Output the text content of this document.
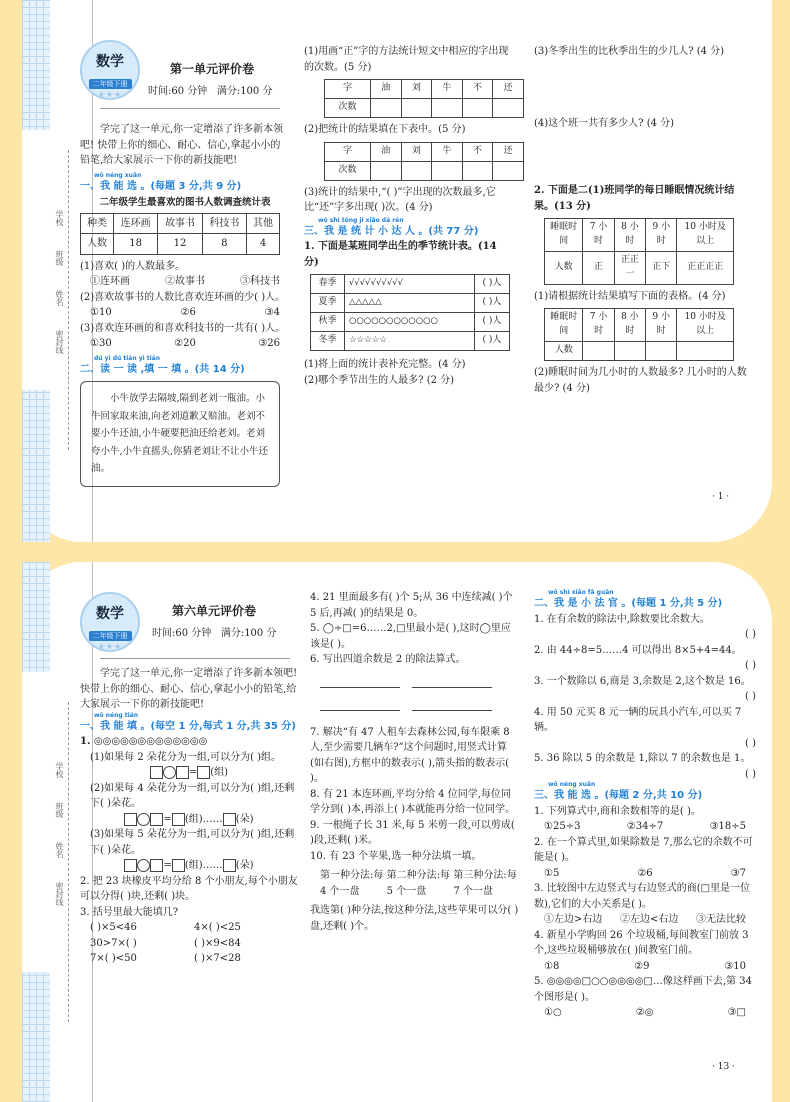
学校
班级
姓名
密封线
数学
二年级下册
★★★
第一单元评价卷
时间:60 分钟 满分:100 分
学完了这一单元,你一定增添了许多新本领吧! 快带上你的细心、耐心、信心,拿起小小的铅笔,给大家展示一下你的新技能吧!
wǒ néng xuǎn
一、我 能 选 。(每题 3 分,共 9 分)
二年级学生最喜欢的图书人数调查统计表
种类	连环画	故事书	科技书	其他
人数	18	12	8	4
(1)喜欢( )的人数最多。
①连环画	②故事书	③科技书
(2)喜欢故事书的人数比喜欢连环画的少( )人。
①10	②6	③4
(3)喜欢连环画的和喜欢科技书的一共有( )人。
①30	②20	③26
dú yì dú tián yì tián
二、读 一 读 ,填 一 填 。(共 14 分)
小牛放学去隔坡,隔到老刘一瓶油。小牛回家取来油,向老刘道歉又赔油。老刘不要小牛还油,小牛硬要把油还给老刘。老刘夸小牛,小牛直摇头,你猜老刘让不让小牛还油。
(1)用画“正”字的方法统计短文中相应的字出现的次数。(5 分)
字	油	刘	牛	不	还
次数					
(2)把统计的结果填在下表中。(5 分)
字	油	刘	牛	不	还
次数					
(3)统计的结果中,“( )”字出现的次数最多,它比“还”字多出现( )次。(4 分)
wǒ shì tǒng jì xiǎo dá rén
三、我 是 统 计 小 达 人 。(共 77 分)
1. 下面是某班同学出生的季节统计表。(14 分)
春季	√√√√√√√√√√	( )人
夏季	△△△△△	( )人
秋季	○○○○○○○○○○○○	( )人
冬季	☆☆☆☆☆	( )人
(1)将上面的统计表补充完整。(4 分)
(2)哪个季节出生的人最多? (2 分)
(3)冬季出生的比秋季出生的少几人? (4 分)
(4)这个班一共有多少人? (4 分)
2. 下面是二(1)班同学的每日睡眠情况统计结果。(13 分)
睡眠时间	7 小时	8 小时	9 小时	10 小时及以上
人数	正	正正一	正下	正正正正
(1)请根据统计结果填写下面的表格。(4 分)
睡眠时间	7 小时	8 小时	9 小时	10 小时及以上
人数				
(2)睡眠时间为几小时的人数最多? 几小时的人数最少? (4 分)
· 1 ·
学校
班级
姓名
密封线
数学
二年级下册
★★★
第六单元评价卷
时间:60 分钟 满分:100 分
学完了这一单元,你一定增添了许多新本领吧! 快带上你的细心、耐心、信心,拿起小小的铅笔,给大家展示一下你的新技能吧!
wǒ néng tián
一、我 能 填 。(每空 1 分,每式 1 分,共 35 分)
1. ◎◎◎◎◎◎◎◎◎◎◎◎◎
(1)如果每 2 朵花分为一组,可以分为( )组。
= (组)
(2)如果每 4 朵花分为一组,可以分为( )组,还剩下( )朵花。
= (组)…… (朵)
(3)如果每 5 朵花分为一组,可以分为( )组,还剩下( )朵花。
= (组)…… (朵)
2. 把 23 块橡皮平均分给 8 个小朋友,每个小朋友可以分得( )块,还剩( )块。
3. 括号里最大能填几?
( )×5<46	4×( )<25
30>7×( )	( )×9<84
7×( )<50	( )×7<28
4. 21 里面最多有( )个 5;从 36 中连续减( )个 5 后,再减( )的结果是 0。
5. ◯÷□=6……2,□里最小是( ),这时◯里应该是( )。
6. 写出四道余数是 2 的除法算式。
7. 解决“有 47 人租车去森林公园,每车限乘 8 人,至少需要几辆车?”这个问题时,用竖式计算(如右图),方框中的数表示( ),箭头指的数表示( )。
8. 有 21 本连环画,平均分给 4 位同学,每位同学分到( )本,再添上( )本就能再分给一位同学。
9. 一根绳子长 31 米,每 5 米剪一段,可以剪成( )段,还剩( )米。
10. 有 23 个苹果,选一种分法填一填。
第一种分法:每 4 个一盘
第二种分法:每 5 个一盘
第三种分法:每 7 个一盘
我选第( )种分法,按这种分法,这些苹果可以分( )盘,还剩( )个。
wǒ shì xiǎo fǎ guān
二、我 是 小 法 官 。(每题 1 分,共 5 分)
1. 在有余数的除法中,除数要比余数大。
( )
2. 由 44÷8=5……4 可以得出 8×5+4=44。
( )
3. 一个数除以 6,商是 3,余数是 2,这个数是 16。
( )
4. 用 50 元买 8 元一辆的玩具小汽车,可以买 7 辆。
( )
5. 36 除以 5 的余数是 1,除以 7 的余数也是 1。
( )
wǒ néng xuǎn
三、我 能 选 。(每题 2 分,共 10 分)
1. 下列算式中,商和余数相等的是( )。
①25÷3	②34÷7	③18÷5
2. 在一个算式里,如果除数是 7,那么它的余数不可能是( )。
①5	②6	③7
3. 比较图中左边竖式与右边竖式的商(□里是一位数),它们的大小关系是( )。
①左边>右边 ②左边<右边 ③无法比较
4. 新星小学购回 26 个垃圾桶,每间教室门前放 3 个,这些垃圾桶够放在( )间教室门前。
①8	②9	③10
5. ◎◎◎◎□○○◎◎◎◎□…像这样画下去,第 34 个图形是( )。
①○	②◎	③□
· 13 ·
